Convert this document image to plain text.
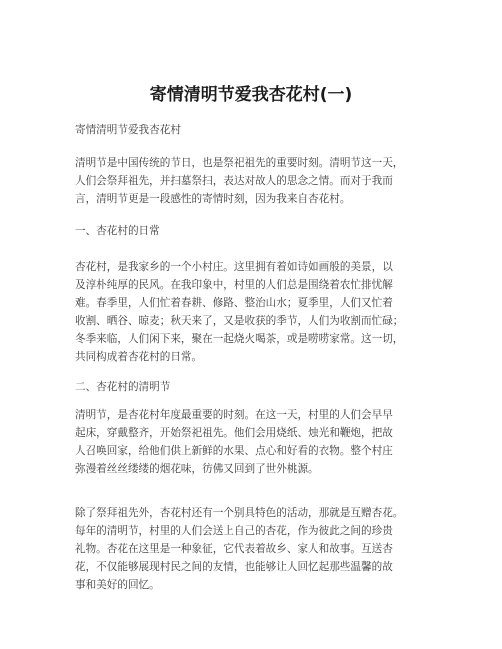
寄情清明节爱我杏花村(一)
寄情清明节爱我杏花村
清明节是中国传统的节日，也是祭祀祖先的重要时刻。清明节这一天，
人们会祭拜祖先，并扫墓祭扫，表达对故人的思念之情。而对于我而
言，清明节更是一段感性的寄情时刻，因为我来自杏花村。
一、杏花村的日常
杏花村，是我家乡的一个小村庄。这里拥有着如诗如画般的美景，以
及淳朴纯厚的民风。在我印象中，村里的人们总是围绕着农忙排忧解
难。春季里，人们忙着春耕、修路、整治山水；夏季里，人们又忙着
收割、晒谷、晾麦；秋天来了，又是收获的季节，人们为收割而忙碌；
冬季来临，人们闲下来，聚在一起烧火喝茶，或是唠唠家常。这一切，
共同构成着杏花村的日常。
二、杏花村的清明节
清明节，是杏花村年度最重要的时刻。在这一天，村里的人们会早早
起床，穿戴整齐，开始祭祀祖先。他们会用烧纸、烛光和鞭炮，把故
人召唤回家，给他们供上新鲜的水果、点心和好看的衣物。整个村庄
弥漫着丝丝缕缕的烟花味，彷佛又回到了世外桃源。
除了祭拜祖先外，杏花村还有一个别具特色的活动，那就是互赠杏花。
每年的清明节，村里的人们会送上自己的杏花，作为彼此之间的珍贵
礼物。杏花在这里是一种象征，它代表着故乡、家人和故事。互送杏
花，不仅能够展现村民之间的友情，也能够让人回忆起那些温馨的故
事和美好的回忆。
